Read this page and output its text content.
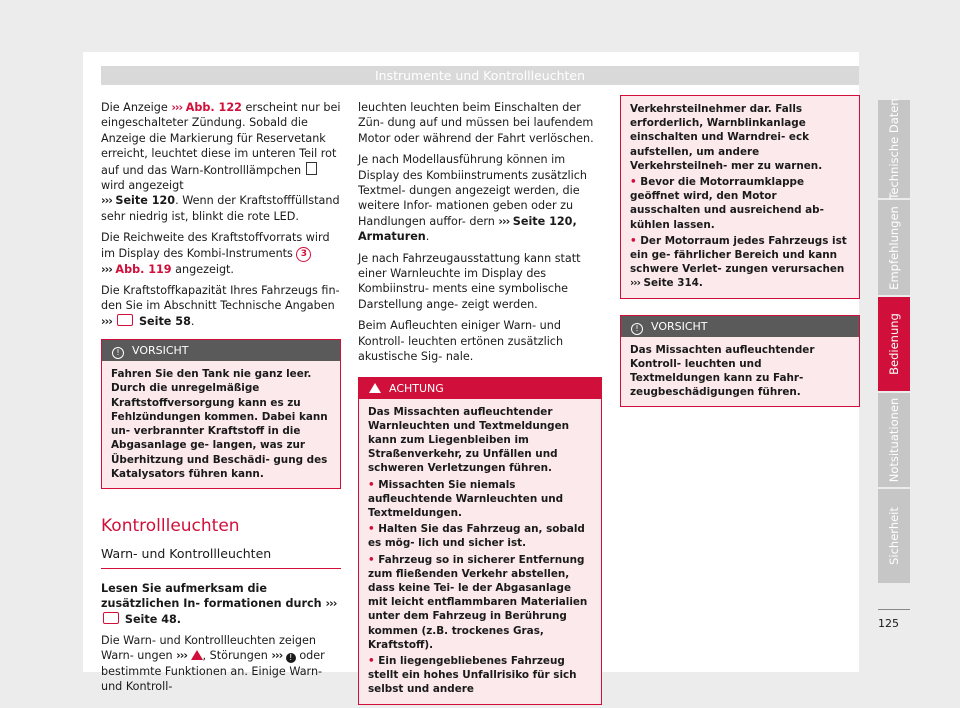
Instrumente und Kontrollleuchten

Die Anzeige ››› Abb. 122 erscheint nur bei eingeschalteter Zündung. Sobald die Anzeige die Markierung für Reservetank erreicht, leuchtet diese im unteren Teil rot auf und das Warn-Kontrolllämpchen  wird angezeigt
››› Seite 120. Wenn der Kraftstofffüllstand sehr niedrig ist, blinkt die rote LED.

Die Reichweite des Kraftstoffvorrats wird im Display des Kombi-Instruments 3
››› Abb. 119 angezeigt.

Die Kraftstoffkapazität Ihres Fahrzeugs fin- den Sie im Abschnitt Technische Angaben
››› Seite 58.

! VORSICHT
Fahren Sie den Tank nie ganz leer. Durch die unregelmäßige Kraftstoffversorgung kann es zu Fehlzündungen kommen. Dabei kann un- verbrannter Kraftstoff in die Abgasanlage ge- langen, was zur Überhitzung und Beschädi- gung des Katalysators führen kann.
Kontrollleuchten
Warn- und Kontrollleuchten

Lesen Sie aufmerksam die zusätzlichen In- formationen durch ›››  Seite 48.

Die Warn- und Kontrollleuchten zeigen Warn- ungen ››› , Störungen ››› ! oder bestimmte Funktionen an. Einige Warn- und Kontroll-

leuchten leuchten beim Einschalten der Zün- dung auf und müssen bei laufendem Motor oder während der Fahrt verlöschen.

Je nach Modellausführung können im Display des Kombiinstruments zusätzlich Textmel- dungen angezeigt werden, die weitere Infor- mationen geben oder zu Handlungen auffor- dern ››› Seite 120, Armaturen.

Je nach Fahrzeugausstattung kann statt einer Warnleuchte im Display des Kombiinstru- ments eine symbolische Darstellung ange- zeigt werden.

Beim Aufleuchten einiger Warn- und Kontroll- leuchten ertönen zusätzlich akustische Sig- nale.

ACHTUNG
Das Missachten aufleuchtender Warnleuchten und Textmeldungen kann zum Liegenbleiben im Straßenverkehr, zu Unfällen und schweren Verletzungen führen.
• Missachten Sie niemals aufleuchtende Warnleuchten und Textmeldungen.
• Halten Sie das Fahrzeug an, sobald es mög- lich und sicher ist.
• Fahrzeug so in sicherer Entfernung zum fließenden Verkehr abstellen, dass keine Tei- le der Abgasanlage mit leicht entflammbaren Materialien unter dem Fahrzeug in Berührung kommen (z.B. trockenes Gras, Kraftstoff).
• Ein liegengebliebenes Fahrzeug stellt ein hohes Unfallrisiko für sich selbst und andere
Verkehrsteilnehmer dar. Falls erforderlich, Warnblinkanlage einschalten und Warndrei- eck aufstellen, um andere Verkehrsteilneh- mer zu warnen.
• Bevor die Motorraumklappe geöffnet wird, den Motor ausschalten und ausreichend ab- kühlen lassen.
• Der Motorraum jedes Fahrzeugs ist ein ge- fährlicher Bereich und kann schwere Verlet- zungen verursachen ››› Seite 314.
! VORSICHT
Das Missachten aufleuchtender Kontroll- leuchten und Textmeldungen kann zu Fahr- zeugbeschädigungen führen.
Technische Daten
Empfehlungen
Bedienung
Notsituationen
Sicherheit
125
